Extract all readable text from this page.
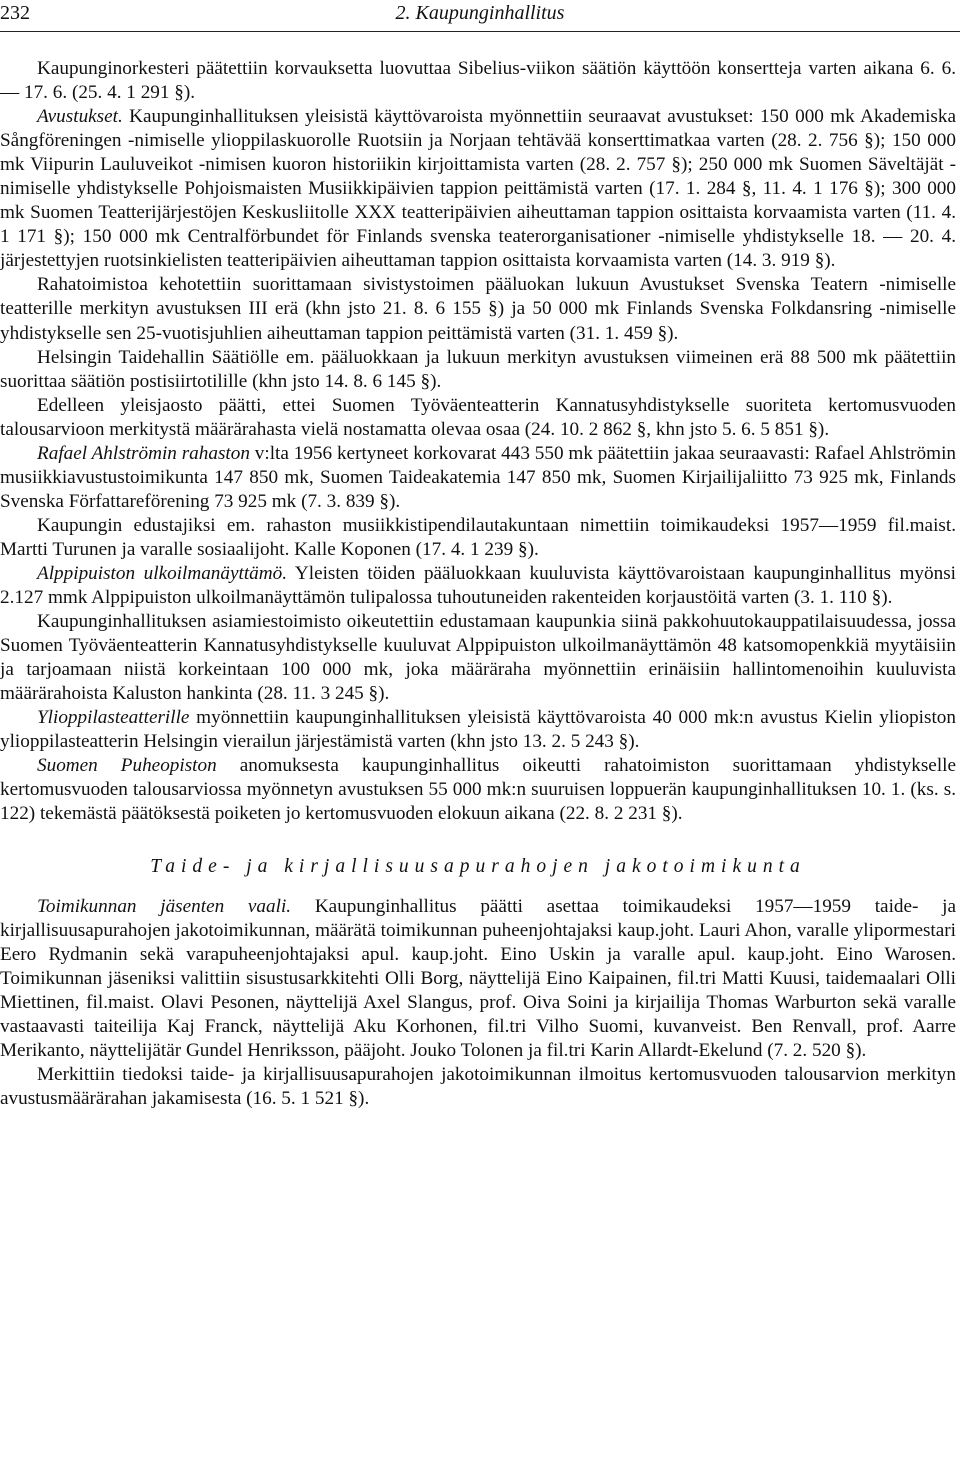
232	2. Kaupunginhallitus

Kaupunginorkesteri päätettiin korvauksetta luovuttaa Sibelius-viikon säätiön käyttöön konsertteja varten aikana 6. 6. — 17. 6. (25. 4. 1 291 §).

Avustukset. Kaupunginhallituksen yleisistä käyttövaroista myönnettiin seuraavat avustukset: 150 000 mk Akademiska Sångföreningen -nimiselle ylioppilaskuorolle Ruotsiin ja Norjaan tehtävää konserttimatkaa varten (28. 2. 756 §); 150 000 mk Viipurin Lauluveikot -nimisen kuoron historiikin kirjoittamista varten (28. 2. 757 §); 250 000 mk Suomen Säveltäjät -nimiselle yhdistykselle Pohjoismaisten Musiikkipäivien tappion peittämistä varten (17. 1. 284 §, 11. 4. 1 176 §); 300 000 mk Suomen Teatterijärjestöjen Keskusliitolle XXX teatteripäivien aiheuttaman tappion osittaista korvaamista varten (11. 4. 1 171 §); 150 000 mk Centralförbundet för Finlands svenska teaterorganisationer -nimiselle yhdistykselle 18. — 20. 4. järjestettyjen ruotsinkielisten teatteripäivien aiheuttaman tappion osittaista korvaamista varten (14. 3. 919 §).

Rahatoimistoa kehotettiin suorittamaan sivistystoimen pääluokan lukuun Avustukset Svenska Teatern -nimiselle teatterille merkityn avustuksen III erä (khn jsto 21. 8. 6 155 §) ja 50 000 mk Finlands Svenska Folkdansring -nimiselle yhdistykselle sen 25-vuotisjuhlien aiheuttaman tappion peittämistä varten (31. 1. 459 §).

Helsingin Taidehallin Säätiölle em. pääluokkaan ja lukuun merkityn avustuksen viimeinen erä 88 500 mk päätettiin suorittaa säätiön postisiirtotilille (khn jsto 14. 8. 6 145 §).

Edelleen yleisjaosto päätti, ettei Suomen Työväenteatterin Kannatusyhdistykselle suoriteta kertomusvuoden talousarvioon merkitystä määrärahasta vielä nostamatta olevaa osaa (24. 10. 2 862 §, khn jsto 5. 6. 5 851 §).

Rafael Ahlströmin rahaston v:lta 1956 kertyneet korkovarat 443 550 mk päätettiin jakaa seuraavasti: Rafael Ahlströmin musiikkiavustustoimikunta 147 850 mk, Suomen Taideakatemia 147 850 mk, Suomen Kirjailijaliitto 73 925 mk, Finlands Svenska Författareförening 73 925 mk (7. 3. 839 §).

Kaupungin edustajiksi em. rahaston musiikkistipendilautakuntaan nimettiin toimikaudeksi 1957—1959 fil.maist. Martti Turunen ja varalle sosiaalijoht. Kalle Koponen (17. 4. 1 239 §).

Alppipuiston ulkoilmanäyttämö. Yleisten töiden pääluokkaan kuuluvista käyttövaroistaan kaupunginhallitus myönsi 2.127 mmk Alppipuiston ulkoilmanäyttämön tulipalossa tuhoutuneiden rakenteiden korjaustöitä varten (3. 1. 110 §).

Kaupunginhallituksen asiamiestoimisto oikeutettiin edustamaan kaupunkia siinä pakkohuutokauppatilaisuudessa, jossa Suomen Työväenteatterin Kannatusyhdistykselle kuuluvat Alppipuiston ulkoilmanäyttämön 48 katsomopenkkiä myytäisiin ja tarjoamaan niistä korkeintaan 100 000 mk, joka määräraha myönnettiin erinäisiin hallintomenoihin kuuluvista määrärahoista Kaluston hankinta (28. 11. 3 245 §).

Ylioppilasteatterille myönnettiin kaupunginhallituksen yleisistä käyttövaroista 40 000 mk:n avustus Kielin yliopiston ylioppilasteatterin Helsingin vierailun järjestämistä varten (khn jsto 13. 2. 5 243 §).

Suomen Puheopiston anomuksesta kaupunginhallitus oikeutti rahatoimiston suorittamaan yhdistykselle kertomusvuoden talousarviossa myönnetyn avustuksen 55 000 mk:n suuruisen loppuerän kaupunginhallituksen 10. 1. (ks. s. 122) tekemästä päätöksestä poiketen jo kertomusvuoden elokuun aikana (22. 8. 2 231 §).

Taide- ja kirjallisuusapurahojen jakotoimikunta

Toimikunnan jäsenten vaali. Kaupunginhallitus päätti asettaa toimikaudeksi 1957—1959 taide- ja kirjallisuusapurahojen jakotoimikunnan, määrätä toimikunnan puheenjohtajaksi kaup.joht. Lauri Ahon, varalle ylipormestari Eero Rydmanin sekä varapuheenjohtajaksi apul. kaup.joht. Eino Uskin ja varalle apul. kaup.joht. Eino Warosen. Toimikunnan jäseniksi valittiin sisustusarkkitehti Olli Borg, näyttelijä Eino Kaipainen, fil.tri Matti Kuusi, taidemaalari Olli Miettinen, fil.maist. Olavi Pesonen, näyttelijä Axel Slangus, prof. Oiva Soini ja kirjailija Thomas Warburton sekä varalle vastaavasti taiteilija Kaj Franck, näyttelijä Aku Korhonen, fil.tri Vilho Suomi, kuvanveist. Ben Renvall, prof. Aarre Merikanto, näyttelijätär Gundel Henriksson, pääjoht. Jouko Tolonen ja fil.tri Karin Allardt-Ekelund (7. 2. 520 §).

Merkittiin tiedoksi taide- ja kirjallisuusapurahojen jakotoimikunnan ilmoitus kertomusvuoden talousarvion merkityn avustusmäärärahan jakamisesta (16. 5. 1 521 §).
